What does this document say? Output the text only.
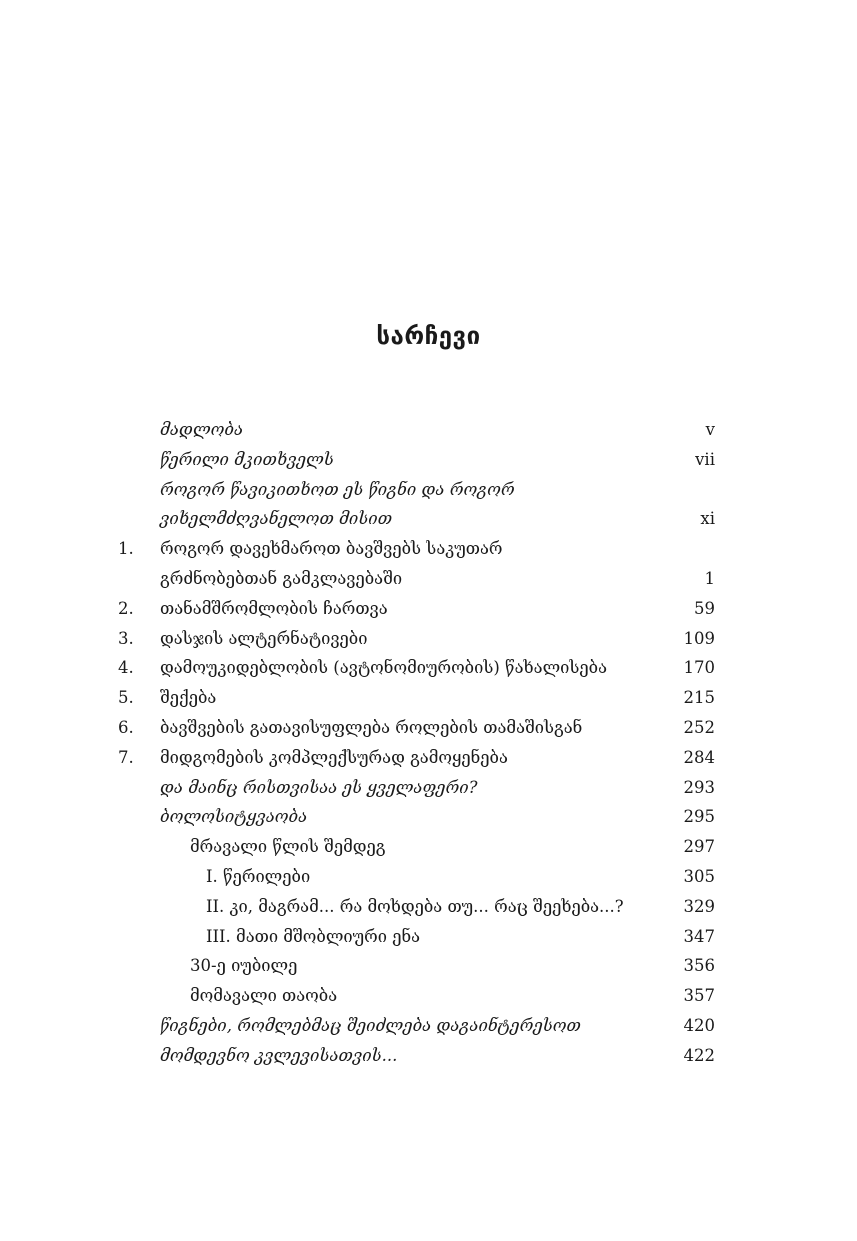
სარჩევი
მადლობა	v
წერილი მკითხველს	vii
როგორ წავიკითხოთ ეს წიგნი და როგორ
ვიხელმძღვანელოთ მისით	xi
1. როგორ დავეხმაროთ ბავშვებს საკუთარ
გრძნობებთან გამკლავებაში	1
2. თანამშრომლობის ჩართვა	59
3. დასჯის ალტერნატივები	109
4. დამოუკიდებლობის (ავტონომიურობის) წახალისება	170
5. შექება	215
6. ბავშვების გათავისუფლება როლების თამაშისგან	252
7. მიდგომების კომპლექსურად გამოყენება	284
და მაინც რისთვისაა ეს ყველაფერი?	293
ბოლოსიტყვაობა	295
მრავალი წლის შემდეგ	297
I. წერილები	305
II. კი, მაგრამ... რა მოხდება თუ... რაც შეეხება...?	329
III. მათი მშობლიური ენა	347
30-ე იუბილე	356
მომავალი თაობა	357
წიგნები, რომლებმაც შეიძლება დაგაინტერესოთ	420
მომდევნო კვლევისათვის...	422
